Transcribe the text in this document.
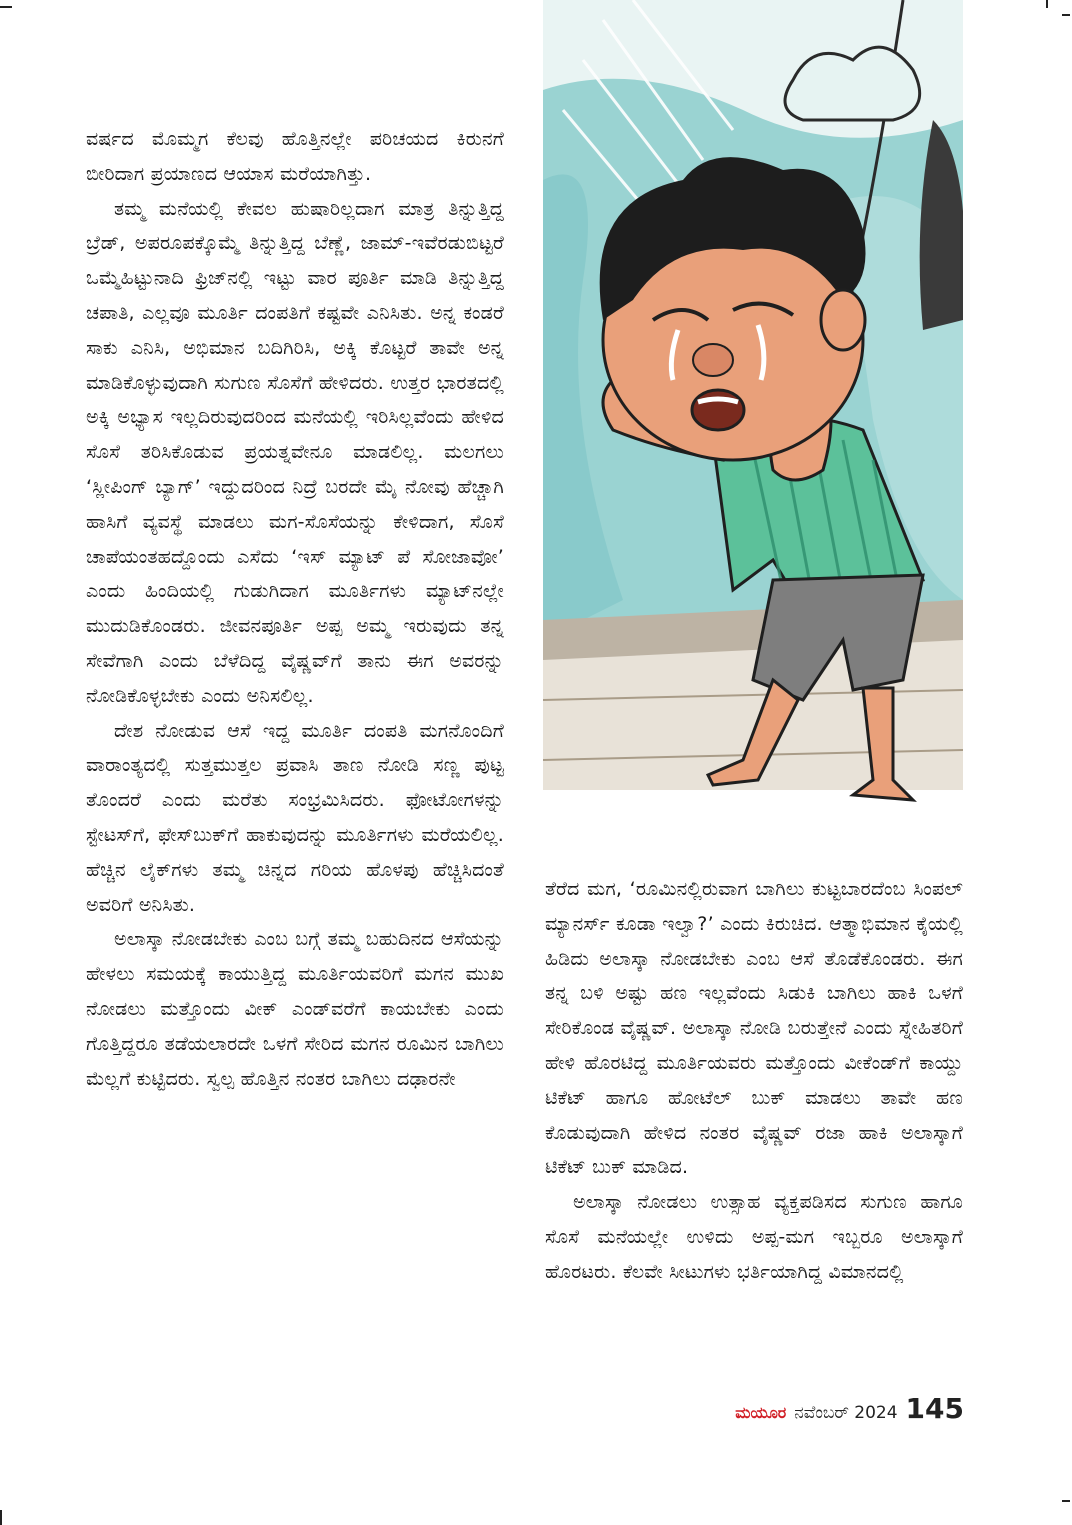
ವರ್ಷದ ಮೊಮ್ಮಗ ಕೆಲವು ಹೊತ್ತಿನಲ್ಲೇ ಪರಿಚಯದ ಕಿರುನಗೆ ಬೀರಿದಾಗ ಪ್ರಯಾಣದ ಆಯಾಸ ಮರೆಯಾಗಿತ್ತು.

ತಮ್ಮ ಮನೆಯಲ್ಲಿ ಕೇವಲ ಹುಷಾರಿಲ್ಲದಾಗ ಮಾತ್ರ ತಿನ್ನುತ್ತಿದ್ದ ಬ್ರೆಡ್, ಅಪರೂಪಕ್ಕೊಮ್ಮೆ ತಿನ್ನುತ್ತಿದ್ದ ಬೆಣ್ಣೆ, ಜಾಮ್-ಇವೆರಡುಬಿಟ್ಟರೆ ಒಮ್ಮೆಹಿಟ್ಟುನಾದಿ ಫ್ರಿಜ್‌ನಲ್ಲಿ ಇಟ್ಟು ವಾರ ಪೂರ್ತಿ ಮಾಡಿ ತಿನ್ನುತ್ತಿದ್ದ ಚಪಾತಿ, ಎಲ್ಲವೂ ಮೂರ್ತಿ ದಂಪತಿಗೆ ಕಷ್ಟವೇ ಎನಿಸಿತು. ಅನ್ನ ಕಂಡರೆ ಸಾಕು ಎನಿಸಿ, ಅಭಿಮಾನ ಬದಿಗಿರಿಸಿ, ಅಕ್ಕಿ ಕೊಟ್ಟರೆ ತಾವೇ ಅನ್ನ ಮಾಡಿಕೊಳ್ಳುವುದಾಗಿ ಸುಗುಣ ಸೊಸೆಗೆ ಹೇಳಿದರು. ಉತ್ತರ ಭಾರತದಲ್ಲಿ ಅಕ್ಕಿ ಅಭ್ಯಾಸ ಇಲ್ಲದಿರುವುದರಿಂದ ಮನೆಯಲ್ಲಿ ಇರಿಸಿಲ್ಲವೆಂದು ಹೇಳಿದ ಸೊಸೆ ತರಿಸಿಕೊಡುವ ಪ್ರಯತ್ನವೇನೂ ಮಾಡಲಿಲ್ಲ. ಮಲಗಲು ‘ಸ್ಲೀಪಿಂಗ್ ಬ್ಯಾಗ್’ ಇದ್ದುದರಿಂದ ನಿದ್ರೆ ಬರದೇ ಮೈ ನೋವು ಹೆಚ್ಚಾಗಿ ಹಾಸಿಗೆ ವ್ಯವಸ್ಥೆ ಮಾಡಲು ಮಗ-ಸೊಸೆಯನ್ನು ಕೇಳಿದಾಗ, ಸೊಸೆ ಚಾಪೆಯಂತಹದ್ದೊಂದು ಎಸೆದು ‘ಇಸ್ ಮ್ಯಾಟ್ ಪೆ ಸೋಜಾವೋ’ ಎಂದು ಹಿಂದಿಯಲ್ಲಿ ಗುಡುಗಿದಾಗ ಮೂರ್ತಿಗಳು ಮ್ಯಾಟ್‌ನಲ್ಲೇ ಮುದುಡಿಕೊಂಡರು. ಜೀವನಪೂರ್ತಿ ಅಪ್ಪ ಅಮ್ಮ ಇರುವುದು ತನ್ನ ಸೇವೆಗಾಗಿ ಎಂದು ಬೆಳೆದಿದ್ದ ವೈಷ್ಣವ್‌ಗೆ ತಾನು ಈಗ ಅವರನ್ನು ನೋಡಿಕೊಳ್ಳಬೇಕು ಎಂದು ಅನಿಸಲಿಲ್ಲ.

ದೇಶ ನೋಡುವ ಆಸೆ ಇದ್ದ ಮೂರ್ತಿ ದಂಪತಿ ಮಗನೊಂದಿಗೆ ವಾರಾಂತ್ಯದಲ್ಲಿ ಸುತ್ತಮುತ್ತಲ ಪ್ರವಾಸಿ ತಾಣ ನೋಡಿ ಸಣ್ಣ ಪುಟ್ಟ ತೊಂದರೆ ಎಂದು ಮರೆತು ಸಂಭ್ರಮಿಸಿದರು. ಫೋಟೋಗಳನ್ನು ಸ್ಟೇಟಸ್‌ಗೆ, ಫೇಸ್‌ಬುಕ್‌ಗೆ ಹಾಕುವುದನ್ನು ಮೂರ್ತಿಗಳು ಮರೆಯಲಿಲ್ಲ. ಹೆಚ್ಚಿನ ಲೈಕ್‌ಗಳು ತಮ್ಮ ಚಿನ್ನದ ಗರಿಯ ಹೊಳಪು ಹೆಚ್ಚಿಸಿದಂತೆ ಅವರಿಗೆ ಅನಿಸಿತು.

ಅಲಾಸ್ಕಾ ನೋಡಬೇಕು ಎಂಬ ಬಗ್ಗೆ ತಮ್ಮ ಬಹುದಿನದ ಆಸೆಯನ್ನು ಹೇಳಲು ಸಮಯಕ್ಕೆ ಕಾಯುತ್ತಿದ್ದ ಮೂರ್ತಿಯವರಿಗೆ ಮಗನ ಮುಖ ನೋಡಲು ಮತ್ತೊಂದು ವೀಕ್ ಎಂಡ್‌ವರೆಗೆ ಕಾಯಬೇಕು ಎಂದು ಗೊತ್ತಿದ್ದರೂ ತಡೆಯಲಾರದೇ ಒಳಗೆ ಸೇರಿದ ಮಗನ ರೂಮಿನ ಬಾಗಿಲು ಮೆಲ್ಲಗೆ ಕುಟ್ಟಿದರು. ಸ್ವಲ್ಪ ಹೊತ್ತಿನ ನಂತರ ಬಾಗಿಲು ದಢಾರನೇ

ತೆರೆದ ಮಗ, ‘ರೂಮಿನಲ್ಲಿರುವಾಗ ಬಾಗಿಲು ಕುಟ್ಟಬಾರದೆಂಬ ಸಿಂಪಲ್ ಮ್ಯಾನರ್ಸ್ ಕೂಡಾ ಇಲ್ವಾ?’ ಎಂದು ಕಿರುಚಿದ. ಆತ್ಮಾಭಿಮಾನ ಕೈಯಲ್ಲಿ ಹಿಡಿದು ಅಲಾಸ್ಕಾ ನೋಡಬೇಕು ಎಂಬ ಆಸೆ ತೊಡೆಕೊಂಡರು. ಈಗ ತನ್ನ ಬಳಿ ಅಷ್ಟು ಹಣ ಇಲ್ಲವೆಂದು ಸಿಡುಕಿ ಬಾಗಿಲು ಹಾಕಿ ಒಳಗೆ ಸೇರಿಕೊಂಡ ವೈಷ್ಣವ್. ಅಲಾಸ್ಕಾ ನೋಡಿ ಬರುತ್ತೇನೆ ಎಂದು ಸ್ನೇಹಿತರಿಗೆ ಹೇಳಿ ಹೊರಟಿದ್ದ ಮೂರ್ತಿಯವರು ಮತ್ತೊಂದು ವೀಕೆಂಡ್‌ಗೆ ಕಾಯ್ದು ಟಿಕೆಟ್ ಹಾಗೂ ಹೋಟೆಲ್ ಬುಕ್ ಮಾಡಲು ತಾವೇ ಹಣ ಕೊಡುವುದಾಗಿ ಹೇಳಿದ ನಂತರ ವೈಷ್ಣವ್ ರಜಾ ಹಾಕಿ ಅಲಾಸ್ಕಾಗೆ ಟಿಕೆಟ್ ಬುಕ್ ಮಾಡಿದ.

ಅಲಾಸ್ಕಾ ನೋಡಲು ಉತ್ಸಾಹ ವ್ಯಕ್ತಪಡಿಸದ ಸುಗುಣ ಹಾಗೂ ಸೊಸೆ ಮನೆಯಲ್ಲೇ ಉಳಿದು ಅಪ್ಪ-ಮಗ ಇಬ್ಬರೂ ಅಲಾಸ್ಕಾಗೆ ಹೊರಟರು. ಕೆಲವೇ ಸೀಟುಗಳು ಭರ್ತಿಯಾಗಿದ್ದ ವಿಮಾನದಲ್ಲಿ

ಮಯೂರ ನವೆಂಬರ್ 2024 145
